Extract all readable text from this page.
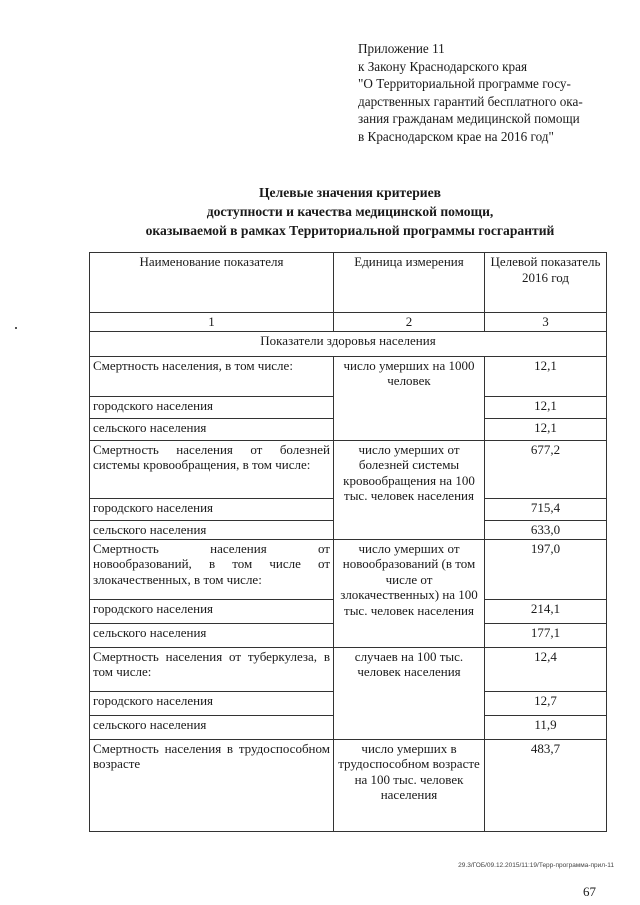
Приложение 11
к Закону Краснодарского края
"О Территориальной программе госу-
дарственных гарантий бесплатного ока-
зания гражданам медицинской помощи
в Краснодарском крае на 2016 год"
Целевые значения критериев
доступности и качества медицинской помощи,
оказываемой в рамках Территориальной программы госгарантий
Наименование показателя	Единица измерения	Целевой показатель 2016 год
1	2	3
Показатели здоровья населения		
Смертность населения, в том числе:	число умерших на 1000 человек	12,1
городского населения		12,1
сельского населения		12,1
Смертность населения от болезней системы кровообращения, в том числе:	число умерших от болезней системы кровообращения на 100 тыс. человек населения	677,2
городского населения		715,4
сельского населения		633,0
Смертность населения от новообразований, в том числе от злокачественных, в том числе:	число умерших от новообразований (в том числе от злокачественных) на 100 тыс. человек населения	197,0
городского населения		214,1
сельского населения		177,1
Смертность населения от туберкулеза, в том числе:	случаев на 100 тыс. человек населения	12,4
городского населения		12,7
сельского населения		11,9
Смертность населения в трудоспособном возрасте	число умерших в трудоспособном возрасте на 100 тыс. человек населения	483,7
29.3/ГОБ/09.12.2015/11:19/Терр-программа-прил-11
67
